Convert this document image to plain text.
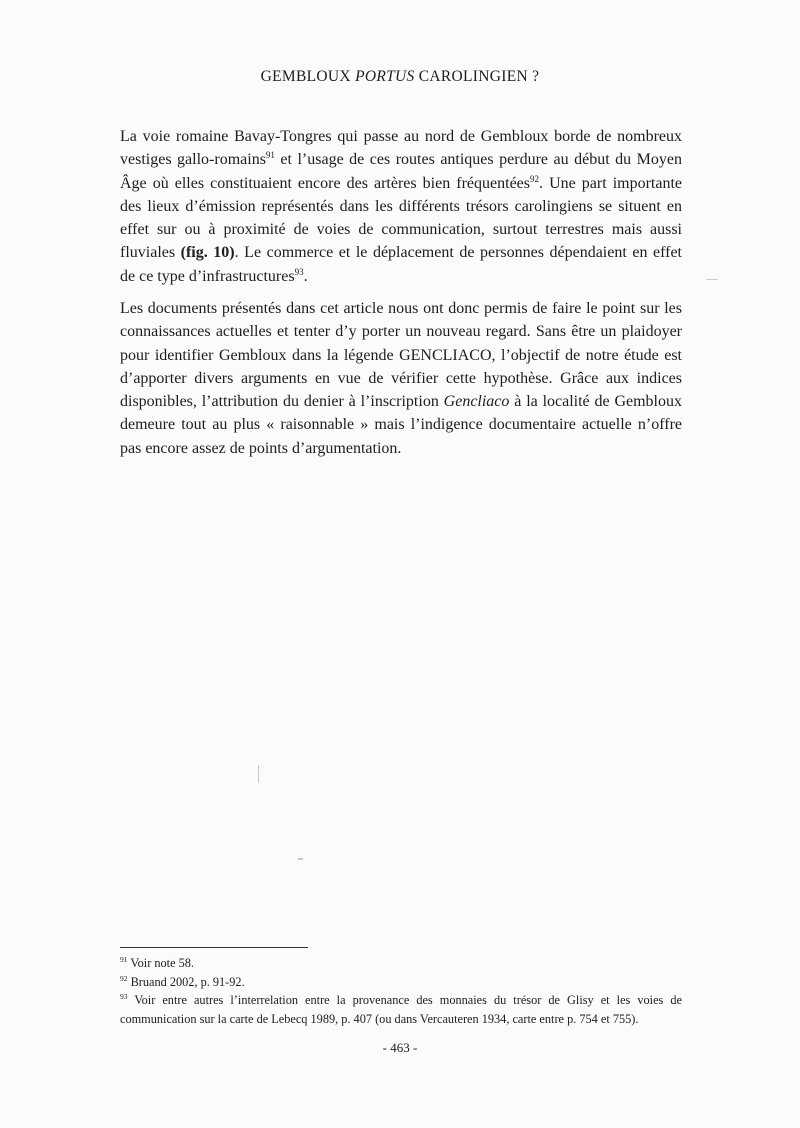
GEMBLOUX PORTUS CAROLINGIEN ?

La voie romaine Bavay-Tongres qui passe au nord de Gembloux borde de nombreux vestiges gallo-romains$^{91}$ et l’usage de ces routes antiques perdure au début du Moyen Âge où elles constituaient encore des artères bien fréquentées$^{92}$. Une part importante des lieux d’émission représentés dans les différents trésors carolingiens se situent en effet sur ou à proximité de voies de communication, surtout terrestres mais aussi fluviales (fig. 10). Le commerce et le déplacement de personnes dépendaient en effet de ce type d’infrastructures$^{93}$.

Les documents présentés dans cet article nous ont donc permis de faire le point sur les connaissances actuelles et tenter d’y porter un nouveau regard. Sans être un plaidoyer pour identifier Gembloux dans la légende GENCLIACO, l’objectif de notre étude est d’apporter divers arguments en vue de vérifier cette hypothèse. Grâce aux indices disponibles, l’attribution du denier à l’inscription Gencliaco à la localité de Gembloux demeure tout au plus « raisonnable » mais l’indigence documentaire actuelle n’offre pas encore assez de points d’argumentation.

$^{91}$ Voir note 58.

$^{92}$ Bruand 2002, p. 91-92.

$^{93}$ Voir entre autres l’interrelation entre la provenance des monnaies du trésor de Glisy et les voies de communication sur la carte de Lebecq 1989, p. 407 (ou dans Vercauteren 1934, carte entre p. 754 et 755).

- 463 -
